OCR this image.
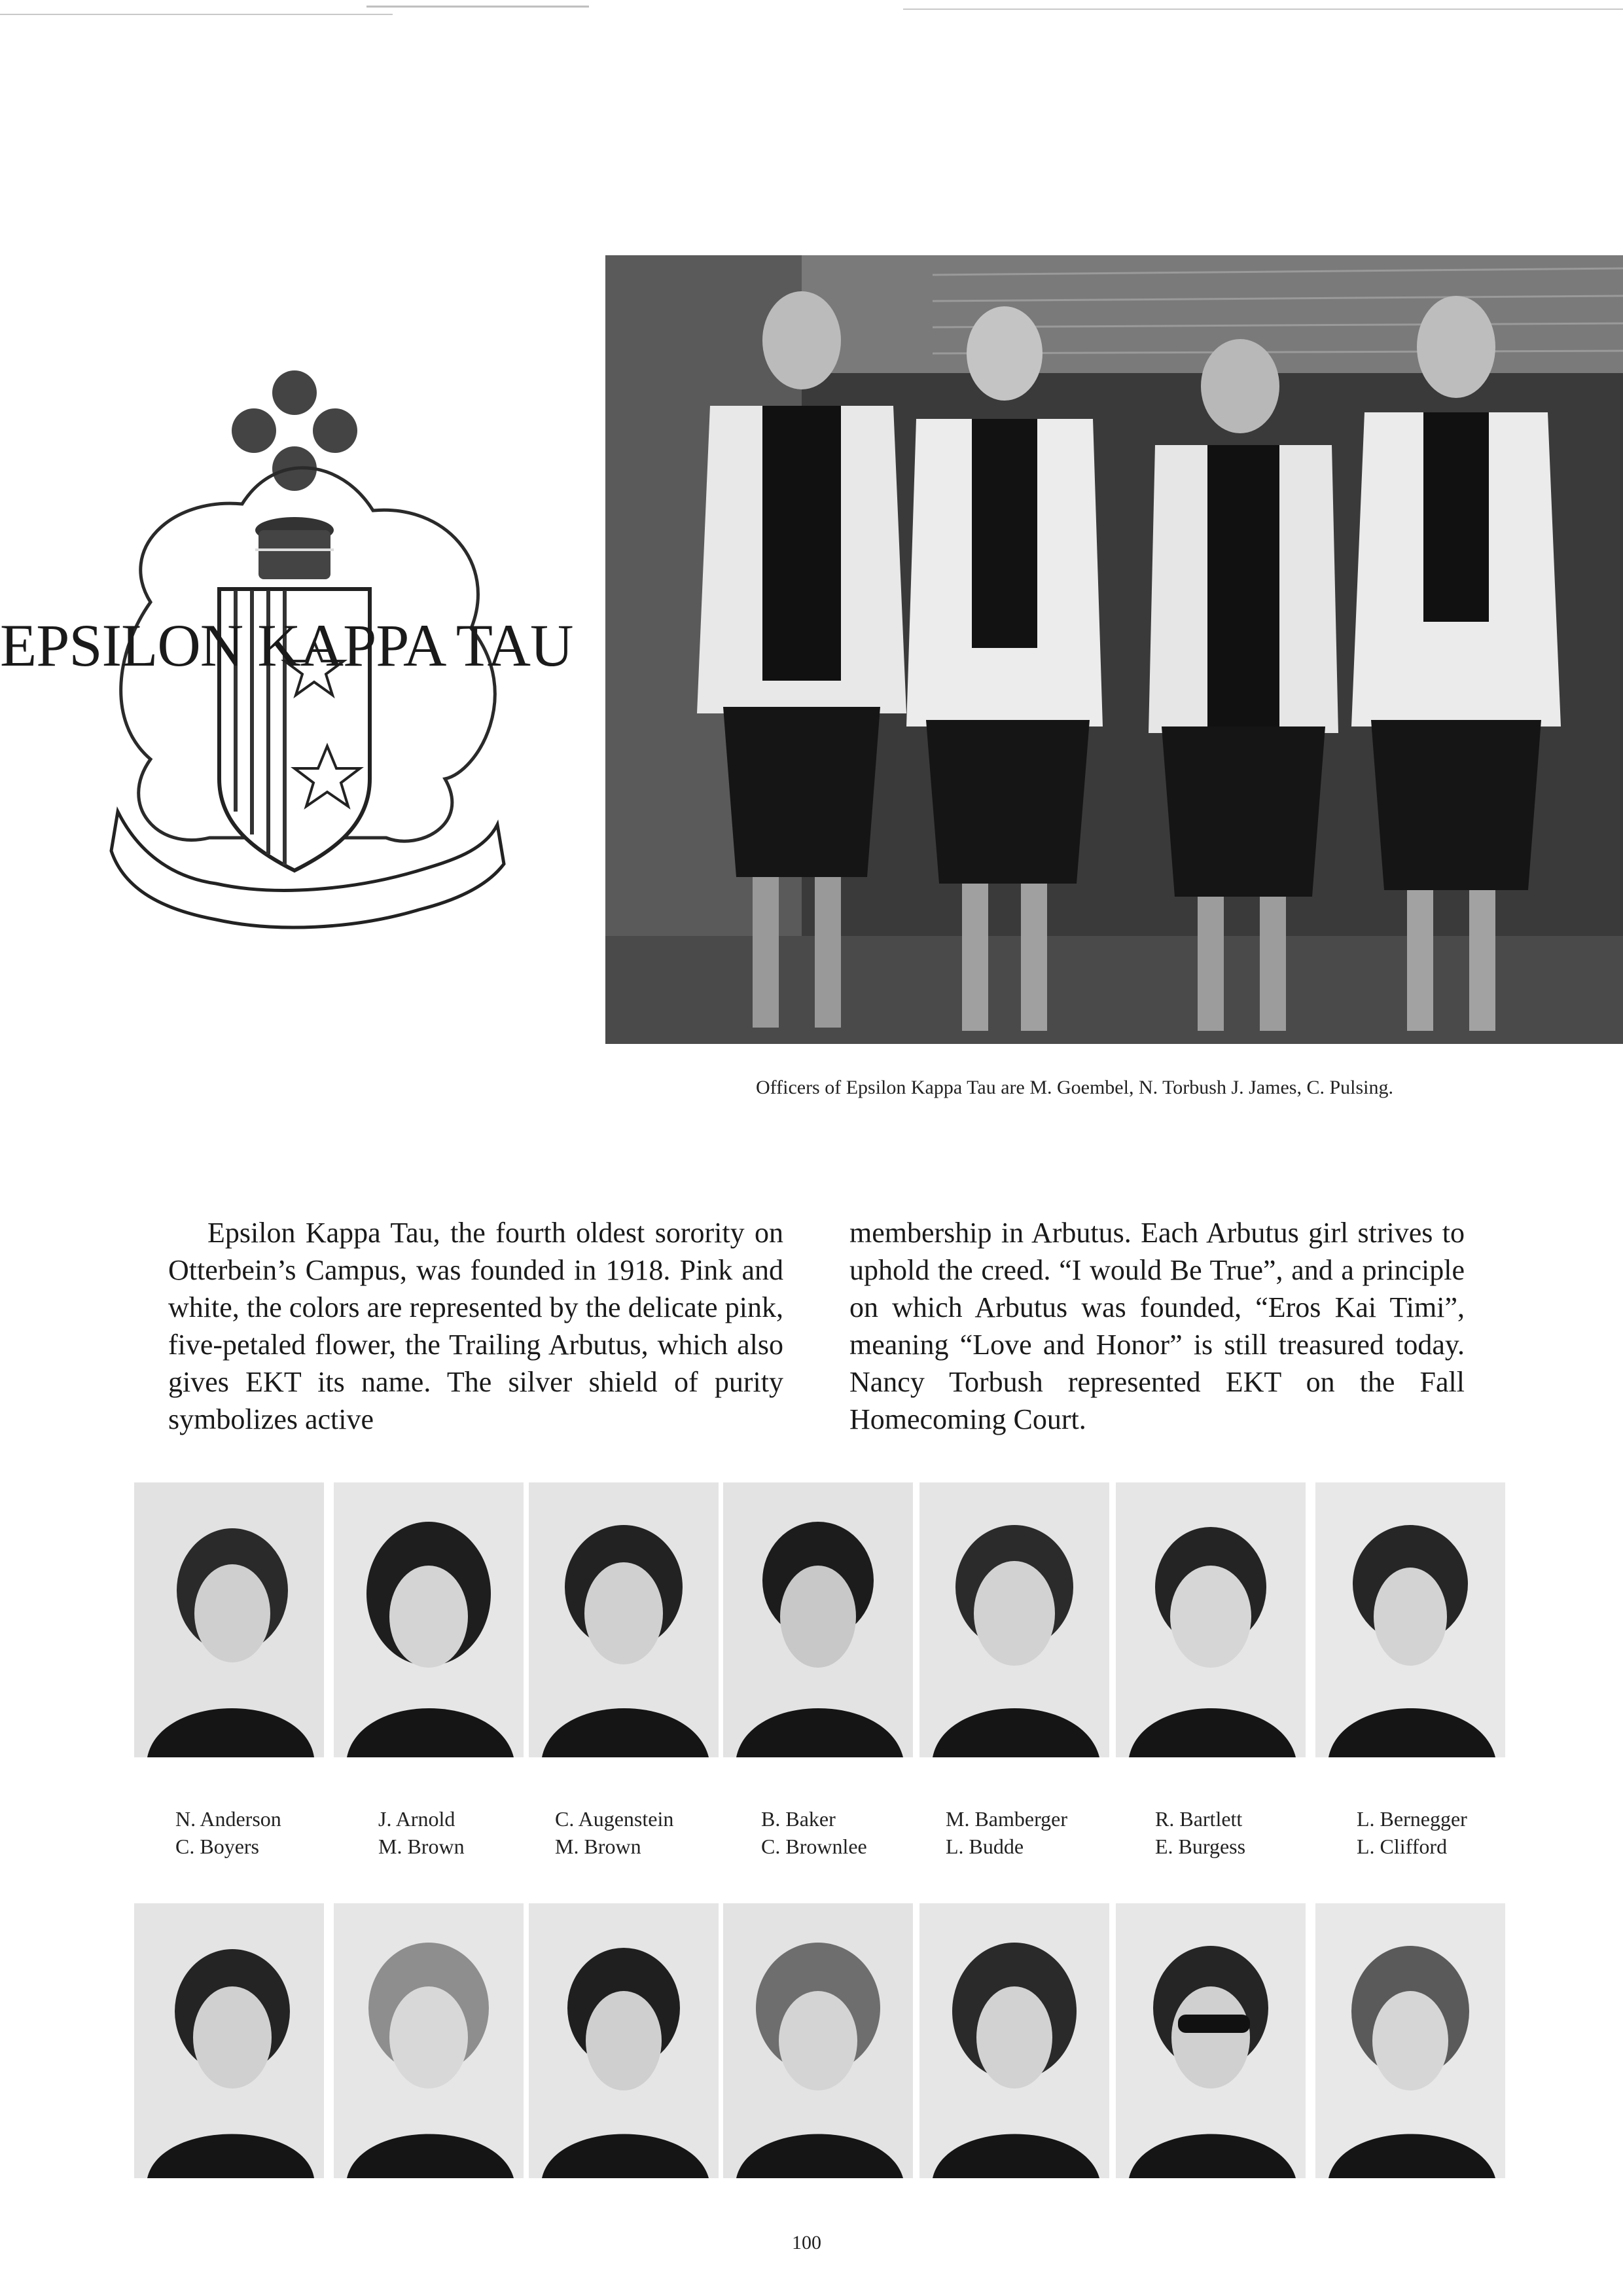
EPSILON KAPPA TAU
Officers of Epsilon Kappa Tau are M. Goembel, N. Torbush J. James, C. Pulsing.
Epsilon Kappa Tau, the fourth oldest sorority on Otterbein’s Campus, was founded in 1918. Pink and white, the colors are represented by the delicate pink, five-petaled flower, the Trailing Arbutus, which also gives EKT its name. The silver shield of purity symbolizes active
membership in Arbutus. Each Arbutus girl strives to uphold the creed. “I would Be True”, and a principle on which Arbutus was founded, “Eros Kai Timi”, meaning “Love and Honor” is still treasured today. Nancy Torbush represented EKT on the Fall Homecoming Court.
N. Anderson
C. Boyers
J. Arnold
M. Brown
C. Augenstein
M. Brown
B. Baker
C. Brownlee
M. Bamberger
L. Budde
R. Bartlett
E. Burgess
L. Bernegger
L. Clifford
100
